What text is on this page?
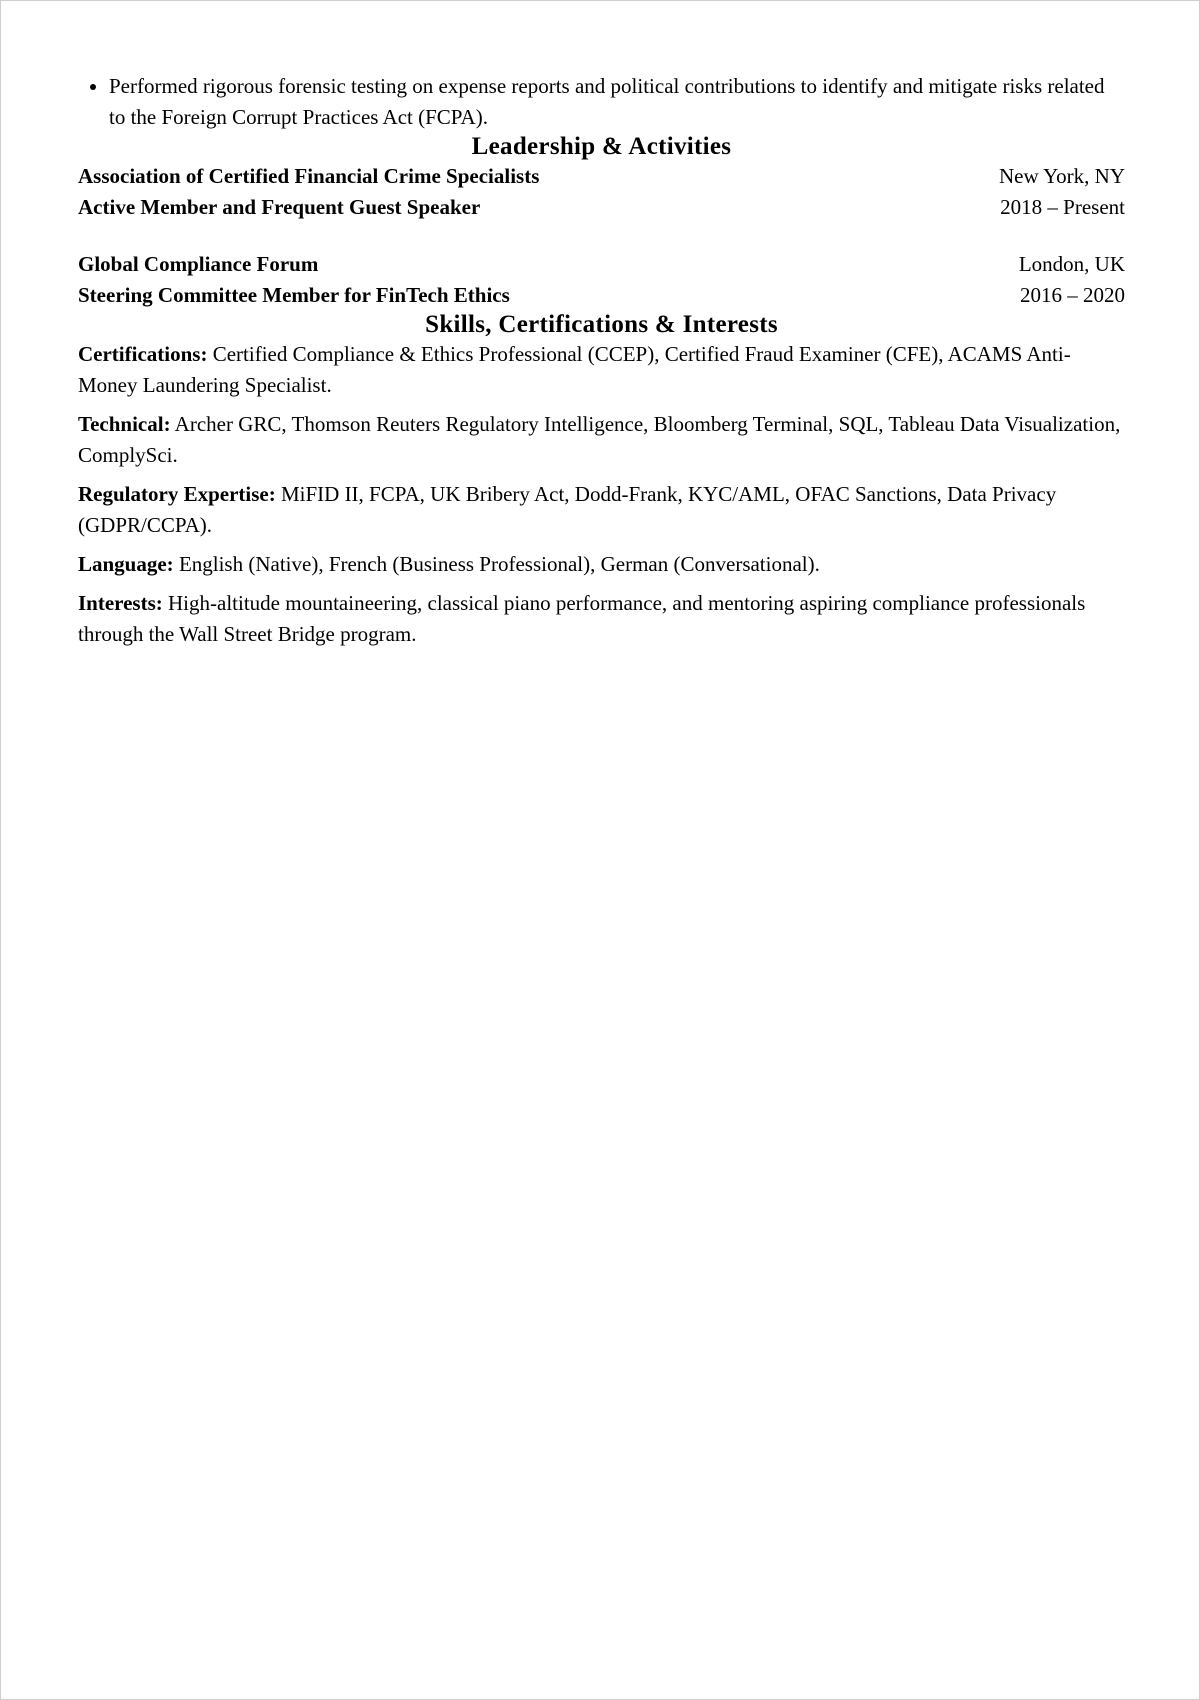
• Performed rigorous forensic testing on expense reports and political contributions to identify and mitigate risks related to the Foreign Corrupt Practices Act (FCPA).
Leadership & Activities
Association of Certified Financial Crime Specialists	New York, NY
Active Member and Frequent Guest Speaker	2018 – Present
Global Compliance Forum	London, UK
Steering Committee Member for FinTech Ethics	2016 – 2020
Skills, Certifications & Interests

Certifications: Certified Compliance & Ethics Professional (CCEP), Certified Fraud Examiner (CFE), ACAMS Anti-Money Laundering Specialist.

Technical: Archer GRC, Thomson Reuters Regulatory Intelligence, Bloomberg Terminal, SQL, Tableau Data Visualization, ComplySci.

Regulatory Expertise: MiFID II, FCPA, UK Bribery Act, Dodd-Frank, KYC/AML, OFAC Sanctions, Data Privacy (GDPR/CCPA).

Language: English (Native), French (Business Professional), German (Conversational).

Interests: High-altitude mountaineering, classical piano performance, and mentoring aspiring compliance professionals through the Wall Street Bridge program.
